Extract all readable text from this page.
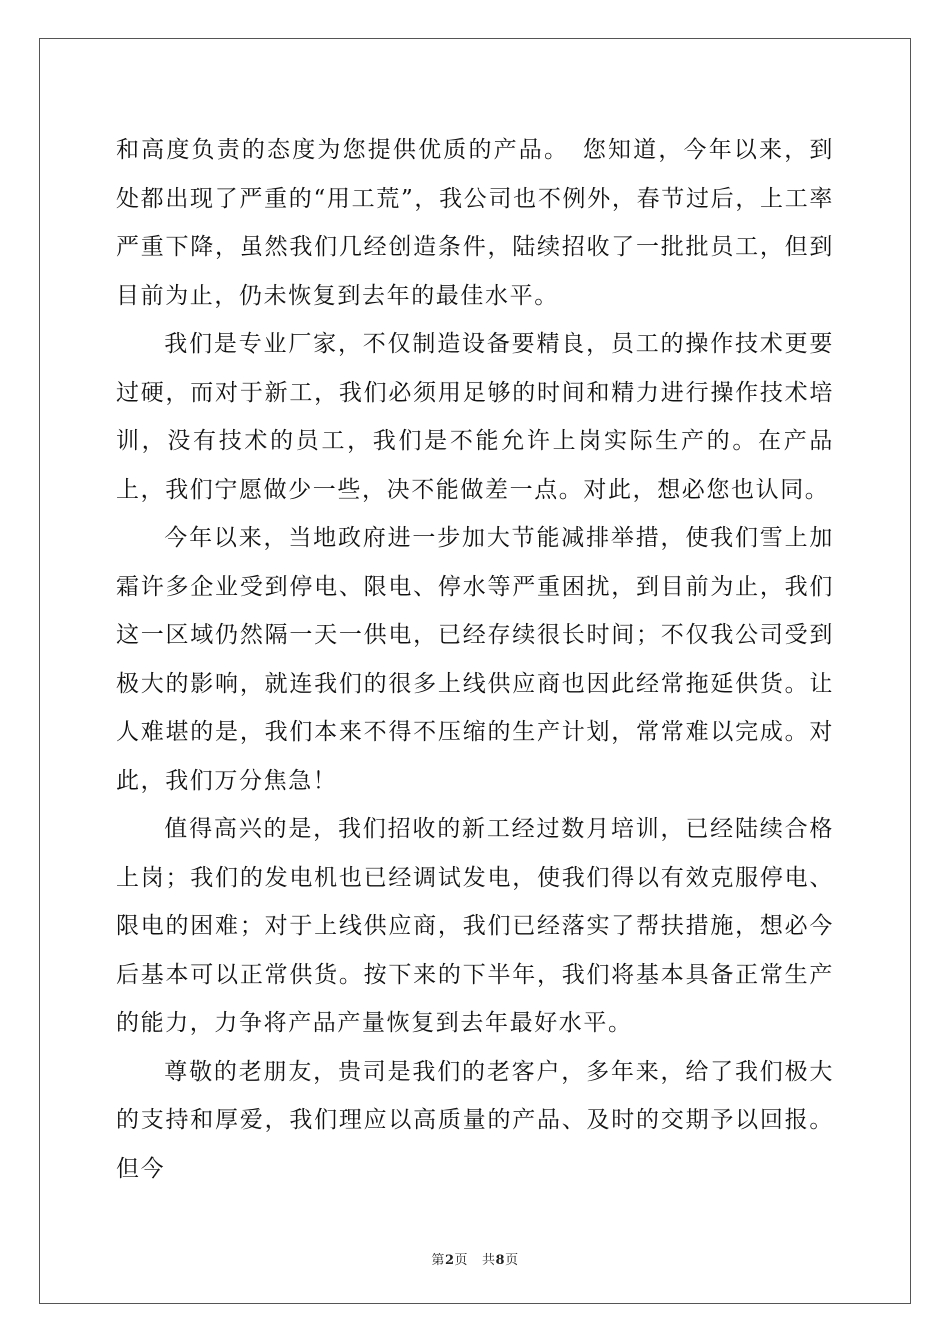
和高度负责的态度为您提供优质的产品。　您知道，今年以来，到处都出现了严重的“用工荒”，我公司也不例外，春节过后，上工率严重下降，虽然我们几经创造条件，陆续招收了一批批员工，但到目前为止，仍未恢复到去年的最佳水平。

我们是专业厂家，不仅制造设备要精良，员工的操作技术更要过硬，而对于新工，我们必须用足够的时间和精力进行操作技术培训，没有技术的员工，我们是不能允许上岗实际生产的。在产品上，我们宁愿做少一些，决不能做差一点。对此，想必您也认同。

今年以来，当地政府进一步加大节能减排举措，使我们雪上加霜许多企业受到停电、限电、停水等严重困扰，到目前为止，我们这一区域仍然隔一天一供电，已经存续很长时间；不仅我公司受到极大的影响，就连我们的很多上线供应商也因此经常拖延供货。让人难堪的是，我们本来不得不压缩的生产计划，常常难以完成。对此，我们万分焦急！

值得高兴的是，我们招收的新工经过数月培训，已经陆续合格上岗；我们的发电机也已经调试发电，使我们得以有效克服停电、限电的困难；对于上线供应商，我们已经落实了帮扶措施，想必今后基本可以正常供货。按下来的下半年，我们将基本具备正常生产的能力，力争将产品产量恢复到去年最好水平。

尊敬的老朋友，贵司是我们的老客户，多年来，给了我们极大的支持和厚爱，我们理应以高质量的产品、及时的交期予以回报。但今

第2页 共8页
